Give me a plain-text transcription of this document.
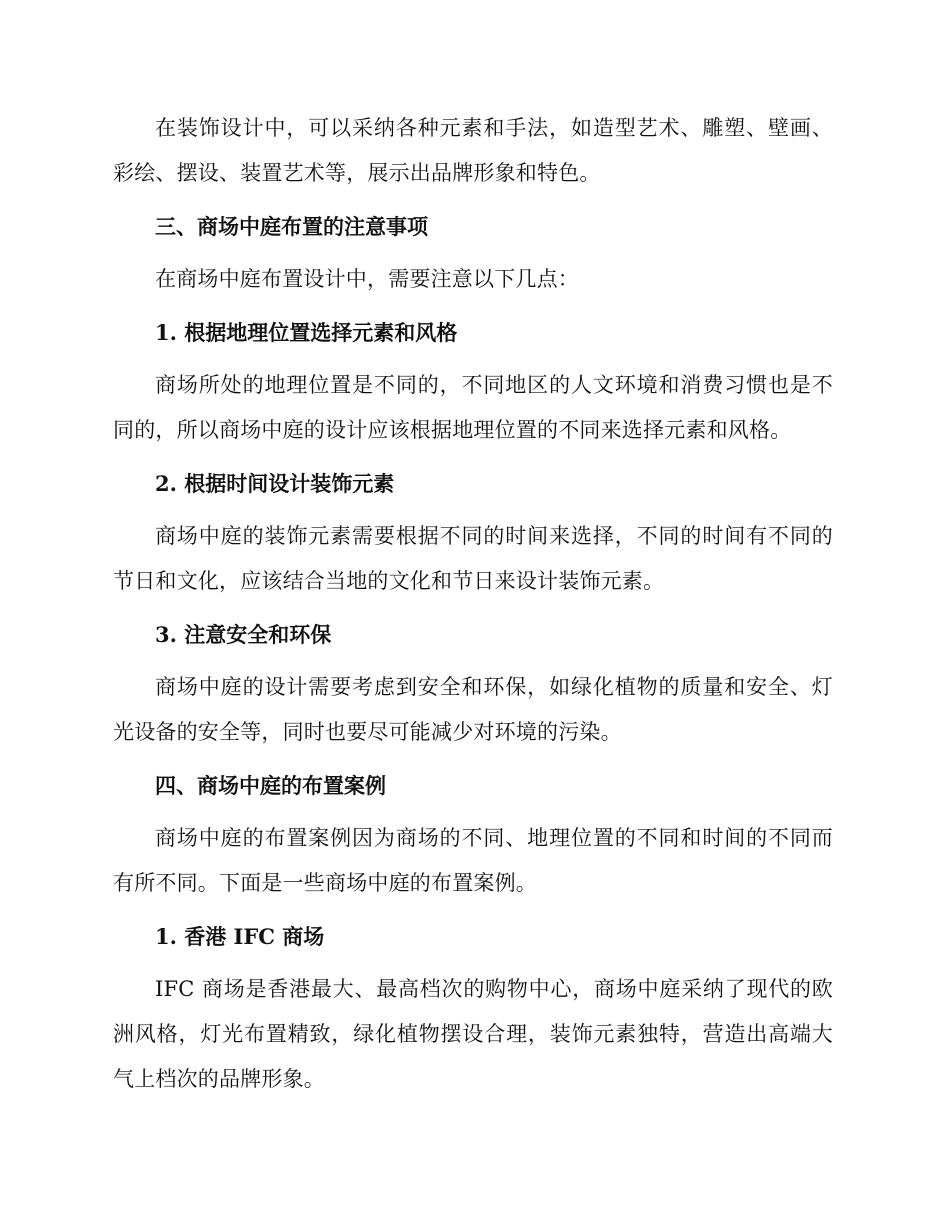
在装饰设计中，可以采纳各种元素和手法，如造型艺术、雕塑、壁画、彩绘、摆设、装置艺术等，展示出品牌形象和特色。

三、商场中庭布置的注意事项

在商场中庭布置设计中，需要注意以下几点：

1. 根据地理位置选择元素和风格

商场所处的地理位置是不同的，不同地区的人文环境和消费习惯也是不同的，所以商场中庭的设计应该根据地理位置的不同来选择元素和风格。

2. 根据时间设计装饰元素

商场中庭的装饰元素需要根据不同的时间来选择，不同的时间有不同的节日和文化，应该结合当地的文化和节日来设计装饰元素。

3. 注意安全和环保

商场中庭的设计需要考虑到安全和环保，如绿化植物的质量和安全、灯光设备的安全等，同时也要尽可能减少对环境的污染。

四、商场中庭的布置案例

商场中庭的布置案例因为商场的不同、地理位置的不同和时间的不同而有所不同。下面是一些商场中庭的布置案例。

1. 香港 IFC 商场

IFC 商场是香港最大、最高档次的购物中心，商场中庭采纳了现代的欧洲风格，灯光布置精致，绿化植物摆设合理，装饰元素独特，营造出高端大气上档次的品牌形象。
